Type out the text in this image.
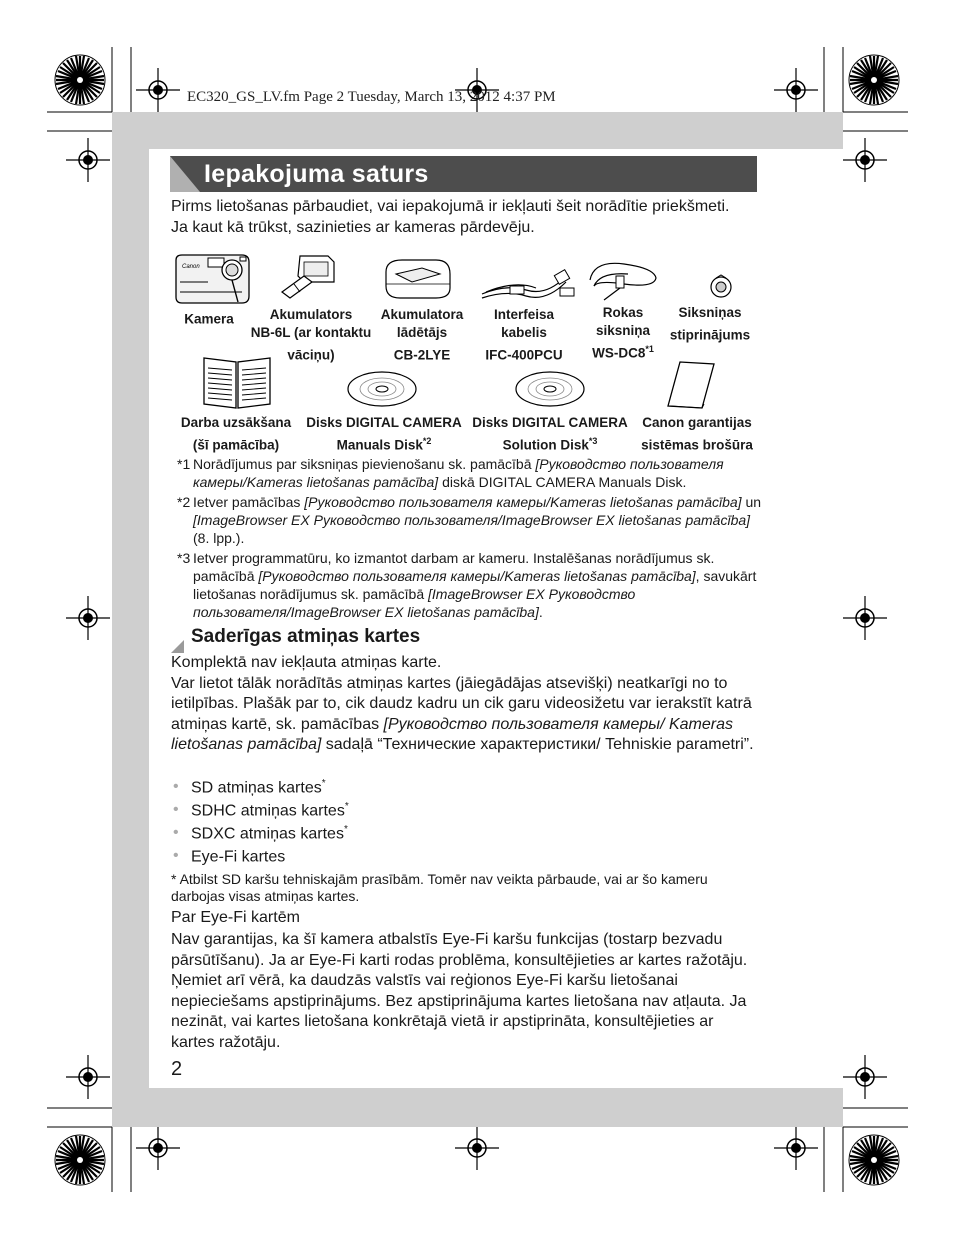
EC320_GS_LV.fm Page 2 Tuesday, March 13, 2012 4:37 PM
Iepakojuma saturs

Pirms lietošanas pārbaudiet, vai iepakojumā ir iekļauti šeit norādītie priekšmeti.

Ja kaut kā trūkst, sazinieties ar kameras pārdevēju.

Canon
Kamera	Akumulators
NB-6L (ar kontaktu
vāciņu)
Akumulatora
lādētājs
CB-2LYE
Interfeisa
kabelis
IFC-400PCU
Rokas
siksniņa
WS-DC8$^{*1}$
Siksniņas
stiprinājums
Darba uzsākšana
(šī pamācība)
Disks DIGITAL CAMERA
Manuals Disk$^{*2}$
Disks DIGITAL CAMERA
Solution Disk$^{*3}$
Canon garantijas
sistēmas brošūra
*1 Norādījumus par siksniņas pievienošanu sk. pamācībā [Руководство пользователя камеры/Kameras lietošanas pamācība] diskā DIGITAL CAMERA Manuals Disk.
*2 Ietver pamācības [Руководство пользователя камеры/Kameras lietošanas pamācība] un [ImageBrowser EX Руководство пользователя/ImageBrowser EX lietošanas pamācība] (8. lpp.).
*3 Ietver programmatūru, ko izmantot darbam ar kameru. Instalēšanas norādījumus sk. pamācībā [Руководство пользователя камеры/Kameras lietošanas pamācība], savukārt lietošanas norādījumus sk. pamācībā [ImageBrowser EX Руководство пользователя/ImageBrowser EX lietošanas pamācība].
Saderīgas atmiņas kartes

Komplektā nav iekļauta atmiņas karte.

Var lietot tālāk norādītās atmiņas kartes (jāiegādājas atsevišķi) neatkarīgi no to ietilpības. Plašāk par to, cik daudz kadru un cik garu videosižetu var ierakstīt katrā atmiņas kartē, sk. pamācības [Руководство пользователя камеры/ Kameras lietošanas pamācība] sadaļā “Технические характеристики/ Tehniskie parametri”.

• SD atmiņas kartes*
• SDHC atmiņas kartes*
• SDXC atmiņas kartes*
• Eye-Fi kartes
* Atbilst SD karšu tehniskajām prasībām. Tomēr nav veikta pārbaude, vai ar šo kameru darbojas visas atmiņas kartes.
Par Eye-Fi kartēm
Nav garantijas, ka šī kamera atbalstīs Eye-Fi karšu funkcijas (tostarp bezvadu pārsūtīšanu). Ja ar Eye-Fi karti rodas problēma, konsultējieties ar kartes ražotāju. Ņemiet arī vērā, ka daudzās valstīs vai reģionos Eye-Fi karšu lietošanai nepieciešams apstiprinājums. Bez apstiprinājuma kartes lietošana nav atļauta. Ja nezināt, vai kartes lietošana konkrētajā vietā ir apstiprināta, konsultējieties ar kartes ražotāju.
2
